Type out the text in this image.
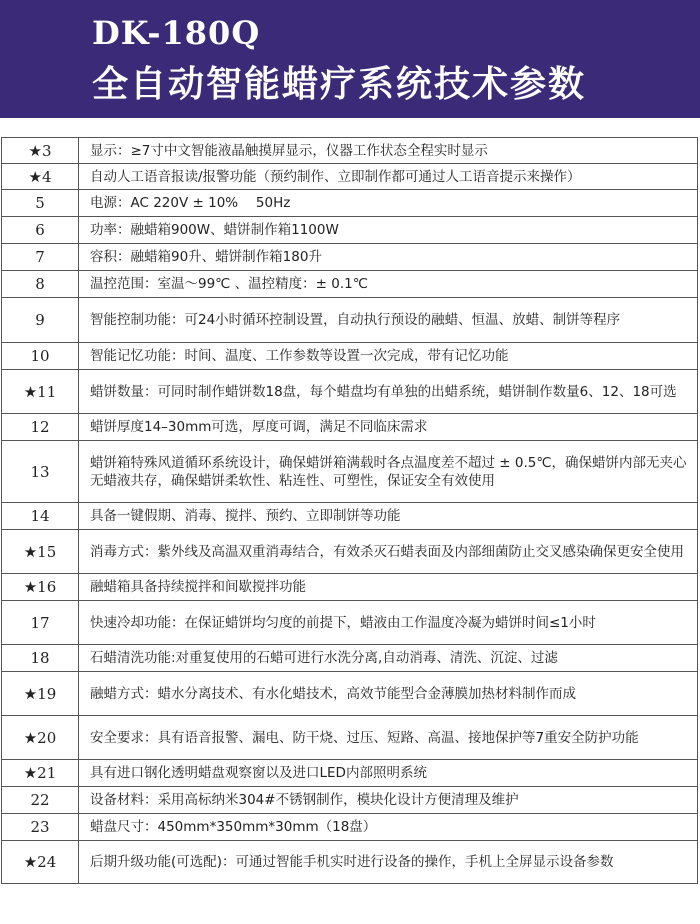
DK-180Q
全自动智能蜡疗系统技术参数
★3	显示：≥7寸中文智能液晶触摸屏显示，仪器工作状态全程实时显示
★4	自动人工语音报读/报警功能（预约制作、立即制作都可通过人工语音提示来操作）
5	电源：AC 220V ± 10%　 50Hz
6	功率：融蜡箱900W、蜡饼制作箱1100W
7	容积：融蜡箱90升、蜡饼制作箱180升
8	温控范围：室温～99℃ 、温控精度：± 0.1℃
9	智能控制功能：可24小时循环控制设置，自动执行预设的融蜡、恒温、放蜡、制饼等程序
10	智能记忆功能：时间、温度、工作参数等设置一次完成，带有记忆功能
★11	蜡饼数量：可同时制作蜡饼数18盘，每个蜡盘均有单独的出蜡系统，蜡饼制作数量6、12、18可选
12	蜡饼厚度14–30mm可选，厚度可调，满足不同临床需求
13	蜡饼箱特殊风道循环系统设计，确保蜡饼箱满载时各点温度差不超过 ± 0.5℃，确保蜡饼内部无夹心无蜡液共存，确保蜡饼柔软性、粘连性、可塑性，保证安全有效使用
14	具备一键假期、消毒、搅拌、预约、立即制饼等功能
★15	消毒方式：紫外线及高温双重消毒结合，有效杀灭石蜡表面及内部细菌防止交叉感染确保更安全使用
★16	融蜡箱具备持续搅拌和间歇搅拌功能
17	快速冷却功能：在保证蜡饼均匀度的前提下，蜡液由工作温度冷凝为蜡饼时间≤1小时
18	石蜡清洗功能:对重复使用的石蜡可进行水洗分离,自动消毒、清洗、沉淀、过滤
★19	融蜡方式：蜡水分离技术、有水化蜡技术，高效节能型合金薄膜加热材料制作而成
★20	安全要求：具有语音报警、漏电、防干烧、过压、短路、高温、接地保护等7重安全防护功能
★21	具有进口钢化透明蜡盘观察窗以及进口LED内部照明系统
22	设备材料：采用高标纳米304#不锈钢制作，模块化设计方便清理及维护
23	蜡盘尺寸：450mm*350mm*30mm（18盘）
★24	后期升级功能(可选配)：可通过智能手机实时进行设备的操作，手机上全屏显示设备参数
